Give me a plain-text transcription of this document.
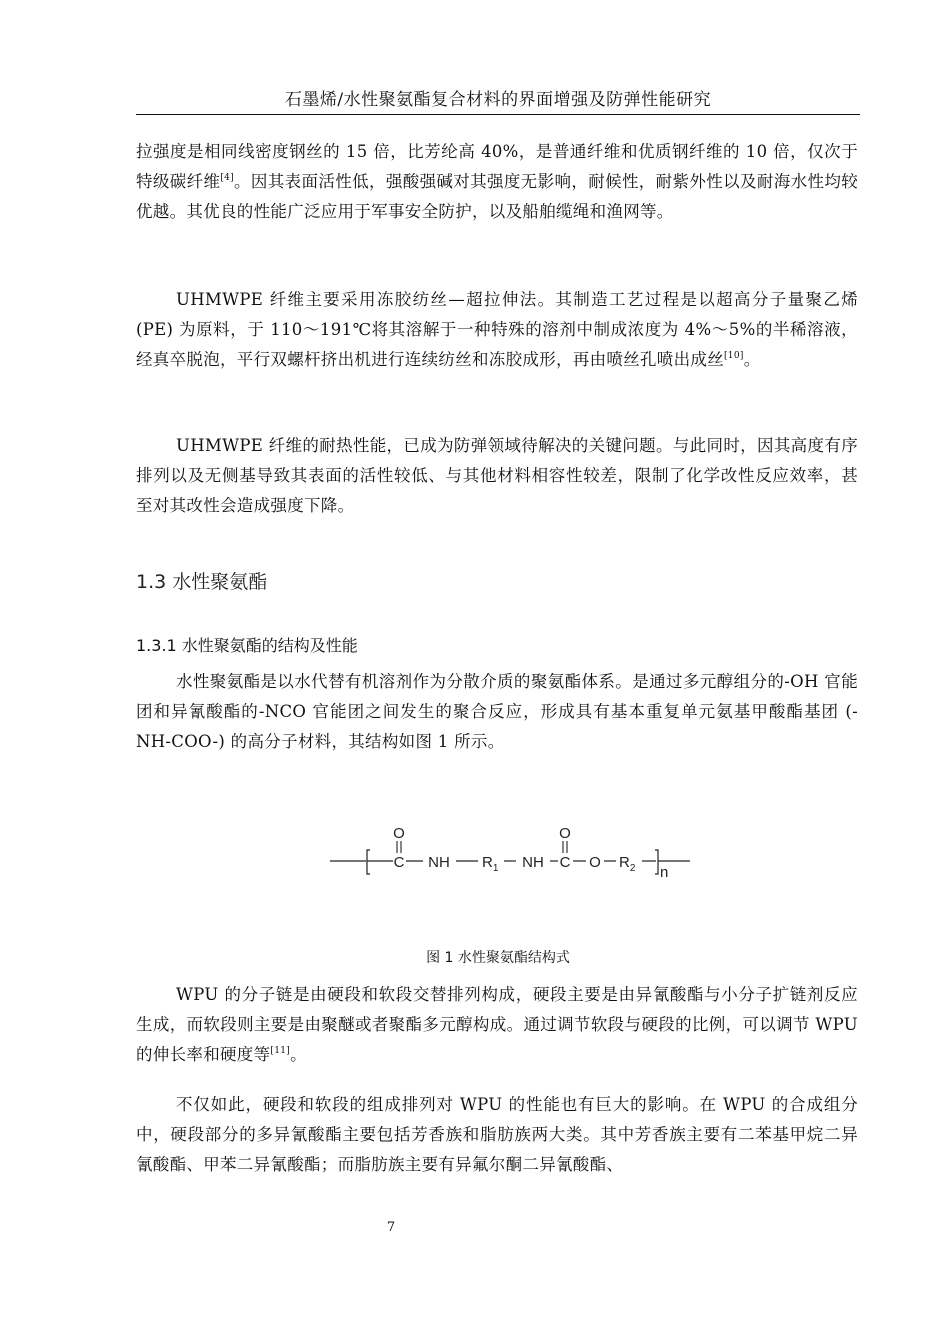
石墨烯/水性聚氨酯复合材料的界面增强及防弹性能研究

拉强度是相同线密度钢丝的 15 倍，比芳纶高 40%，是普通纤维和优质钢纤维的 10 倍，仅次于特级碳纤维[4]。因其表面活性低，强酸强碱对其强度无影响，耐候性，耐紫外性以及耐海水性均较优越。其优良的性能广泛应用于军事安全防护，以及船舶缆绳和渔网等。

UHMWPE 纤维主要采用冻胶纺丝—超拉伸法。其制造工艺过程是以超高分子量聚乙烯 (PE) 为原料，于 110～191℃将其溶解于一种特殊的溶剂中制成浓度为 4%～5%的半稀溶液，经真卒脱泡，平行双螺杆挤出机进行连续纺丝和冻胶成形，再由喷丝孔喷出成丝[10]。

UHMWPE 纤维的耐热性能，已成为防弹领域待解决的关键问题。与此同时，因其高度有序排列以及无侧基导致其表面的活性较低、与其他材料相容性较差，限制了化学改性反应效率，甚至对其改性会造成强度下降。

1.3 水性聚氨酯
1.3.1 水性聚氨酯的结构及性能

水性聚氨酯是以水代替有机溶剂作为分散介质的聚氨酯体系。是通过多元醇组分的-OH 官能团和异氰酸酯的-NCO 官能团之间发生的聚合反应，形成具有基本重复单元氨基甲酸酯基团 (-NH-COO-) 的高分子材料，其结构如图 1 所示。

O
C NH $R_1$ NH
O
C O $R_2$ n
图 1 水性聚氨酯结构式

WPU 的分子链是由硬段和软段交替排列构成，硬段主要是由异氰酸酯与小分子扩链剂反应生成，而软段则主要是由聚醚或者聚酯多元醇构成。通过调节软段与硬段的比例，可以调节 WPU 的伸长率和硬度等[11]。

不仅如此，硬段和软段的组成排列对 WPU 的性能也有巨大的影响。在 WPU 的合成组分中，硬段部分的多异氰酸酯主要包括芳香族和脂肪族两大类。其中芳香族主要有二苯基甲烷二异氰酸酯、甲苯二异氰酸酯；而脂肪族主要有异氟尔酮二异氰酸酯、

7
